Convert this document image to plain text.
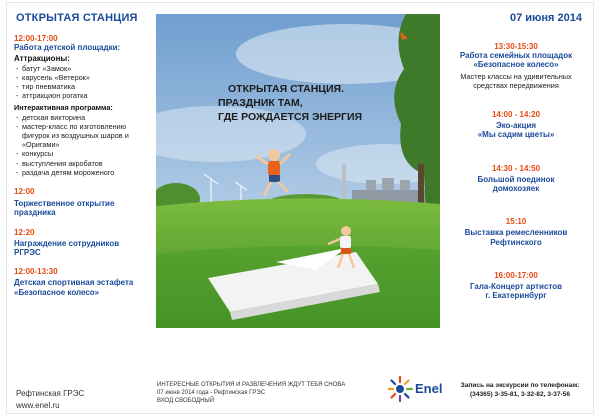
ОТКРЫТАЯ СТАНЦИЯ	07 июня 2014
12:00-17:00
Работа детской площадки:
Аттракционы:
- батут «Замок»
- карусель «Ветерок»
- тир пневматика
- аттракцион рогатка
Интерактивная программа:
- детская викторина
- мастер-класс по изготовлению фигурок из воздушных шаров и «Оригами»
- конкурсы
- выступления акробатов
- раздача детям мороженого
12:00
Торжественное открытие
праздника
12:20
Награждение сотрудников
РГРЭС
12:00-13:30
Детская спортивная эстафета
«Безопасное колесо»
ОТКРЫТАЯ СТАНЦИЯ.
ПРАЗДНИК ТАМ,
ГДЕ РОЖДАЕТСЯ ЭНЕРГИЯ
13:30-15:30
Работа семейных площадок
«Безопасное колесо»
Мастер классы на удивительных
средствах передвижения
14:00 - 14:20
Эко-акция
«Мы садим цветы»
14:30 - 14:50
Большой поединок
домохозяек
15:10
Выставка ремесленников
Рефтинского
16:00-17:00
Гала-Концерт артистов
г. Екатеринбург
Рефтинская ГРЭС
www.enel.ru
ИНТЕРЕСНЫЕ ОТКРЫТИЯ И РАЗВЛЕЧЕНИЯ ЖДУТ ТЕБЯ СНОВА
07 июня 2014 года - Рефтинская ГРЭС
ВХОД СВОБОДНЫЙ
Enel	Запись на экскурсии по телефонам:
(34365) 3-35-81, 3-32-82, 3-37-56
